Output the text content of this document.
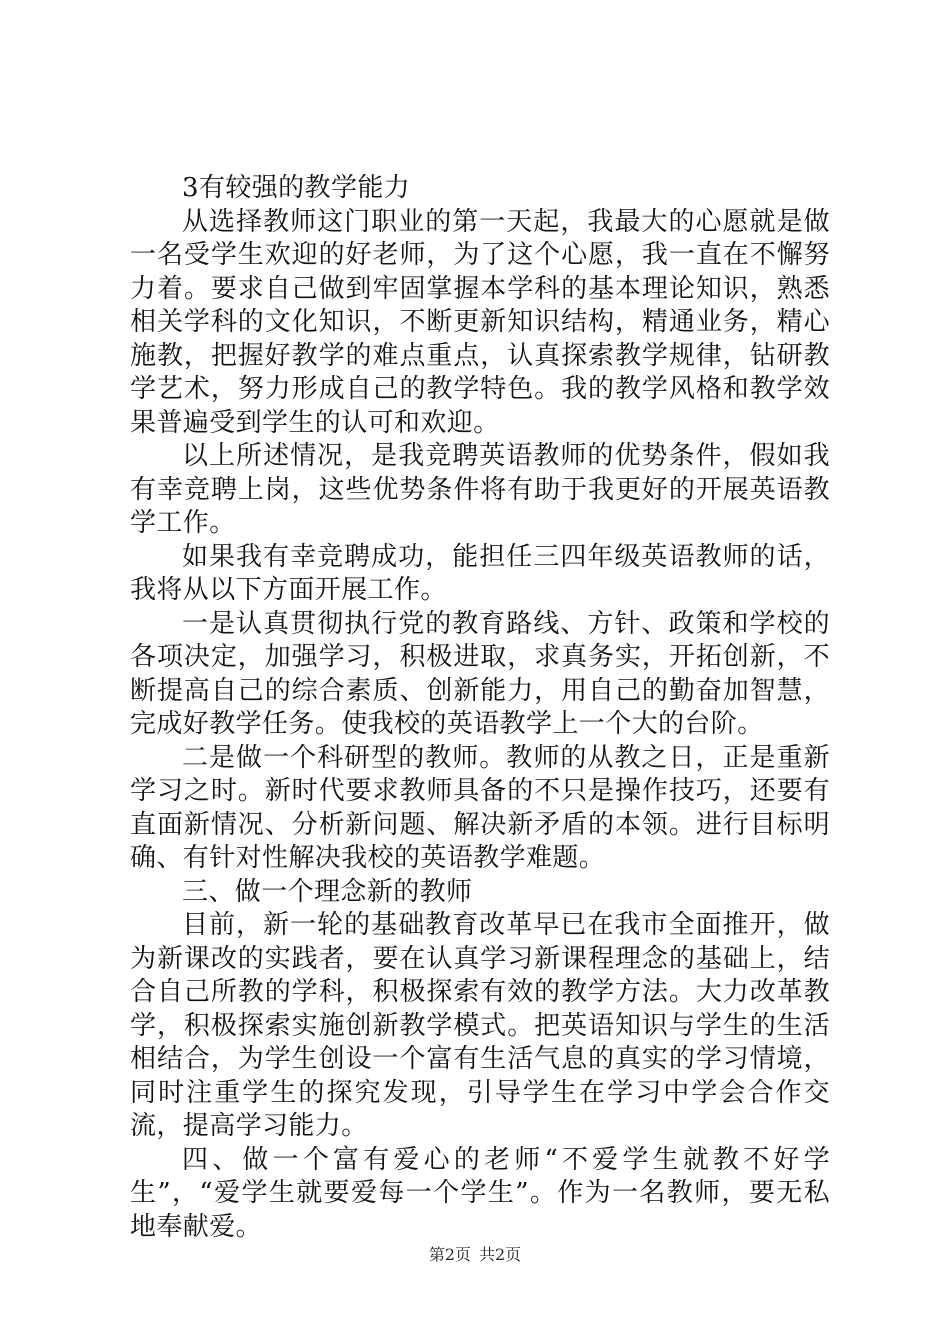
3有较强的教学能力

从选择教师这门职业的第一天起，我最大的心愿就是做一名受学生欢迎的好老师，为了这个心愿，我一直在不懈努力着。要求自己做到牢固掌握本学科的基本理论知识，熟悉相关学科的文化知识，不断更新知识结构，精通业务，精心施教，把握好教学的难点重点，认真探索教学规律，钻研教学艺术，努力形成自己的教学特色。我的教学风格和教学效果普遍受到学生的认可和欢迎。

以上所述情况，是我竞聘英语教师的优势条件，假如我有幸竞聘上岗，这些优势条件将有助于我更好的开展英语教学工作。

如果我有幸竞聘成功，能担任三四年级英语教师的话，我将从以下方面开展工作。

一是认真贯彻执行党的教育路线、方针、政策和学校的各项决定，加强学习，积极进取，求真务实，开拓创新，不断提高自己的综合素质、创新能力，用自己的勤奋加智慧，完成好教学任务。使我校的英语教学上一个大的台阶。

二是做一个科研型的教师。教师的从教之日，正是重新学习之时。新时代要求教师具备的不只是操作技巧，还要有直面新情况、分析新问题、解决新矛盾的本领。进行目标明确、有针对性解决我校的英语教学难题。

三、做一个理念新的教师

目前，新一轮的基础教育改革早已在我市全面推开，做为新课改的实践者，要在认真学习新课程理念的基础上，结合自己所教的学科，积极探索有效的教学方法。大力改革教学，积极探索实施创新教学模式。把英语知识与学生的生活相结合，为学生创设一个富有生活气息的真实的学习情境，同时注重学生的探究发现，引导学生在学习中学会合作交流，提高学习能力。

四、做一个富有爱心的老师“不爱学生就教不好学生”，“爱学生就要爱每一个学生”。作为一名教师，要无私地奉献爱。

第2页 共2页
